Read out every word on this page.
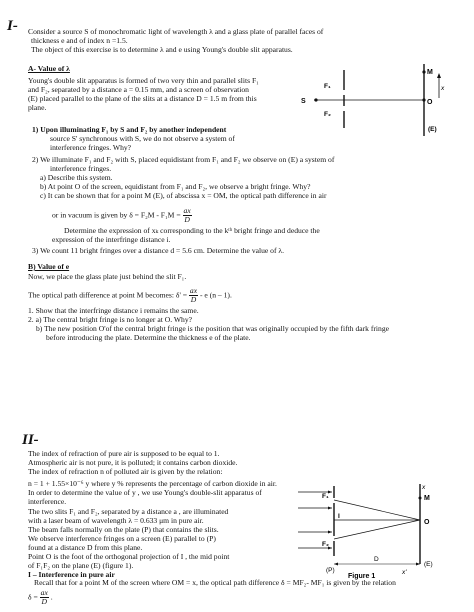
I- Consider a source S of monochromatic light of wavelength λ and a glass plate of parallel faces of

thickness e and of index n =1.5.

The object of this exercise is to determine λ and e using Young's double slit apparatus.

A- Value of λ

Young's double slit apparatus is formed of two very thin and parallel slits F₁

and F₂, separated by a distance a = 0.15 mm, and a screen of observation

(E) placed parallel to the plane of the slits at a distance D = 1.5 m from this

plane.

1) Upon illuminating F₁ by S and F₂ by another independent

source S' synchronous with S, we do not observe a system of

interference fringes. Why?

2) We illuminate F₁ and F₂ with S, placed equidistant from F₁ and F₂ we observe on (E) a system of

interference fringes.

a) Describe this system.

b) At point O of the screen, equidistant from F₁ and F₂, we observe a bright fringe. Why?

c) It can be shown that for a point M (E), of abscissa x = OM, the optical path difference in air

or in vacuum is given by $\delta = F_2M - F_1M = \frac{ax}{D}$

Determine the expression of xₖ corresponding to the kᵗʰ bright fringe and deduce the

expression of the interfringe distance i.

3) We count 11 bright fringes over a distance d = 5.6 cm. Determine the value of λ.
B) Value of e
Now, we place the glass plate just behind the slit F₁.
The optical path difference at point M becomes: $\delta' = \frac{ax}{D} - e$ (n – 1).

1. Show that the interfringe distance i remains the same.

2. a) The central bright fringe is no longer at O. Why?

b) The new position O'of the central bright fringe is the position that was originally occupied by the fifth dark fringe

before introducing the plate. Determine the thickness e of the plate.

M
x
F₁
S	O
F₂
(E)
II-

The index of refraction of pure air is supposed to be equal to 1.

Atmospheric air is not pure, it is polluted; it contains carbon dioxide.

The index of refraction n of polluted air is given by the relation:

n = 1 + 1.55×10⁻⁶ y where y % represents the percentage of carbon dioxide in air.

In order to determine the value of y , we use Young's double-slit apparatus of

interference.

The two slits F₁ and F₂, separated by a distance a , are illuminated

with a laser beam of wavelength λ = 0.633 μm in pure air.

The beam falls normally on the plate (P) that contains the slits.

We observe interference fringes on a screen (E) parallel to (P)

found at a distance D from this plane.

Point O is the foot of the orthogonal projection of I , the mid point

of F₁F₂ on the plane (E) (figure 1).

I – Interference in pure air

Recall that for a point M of the screen where OM = x, the optical path difference δ = MF₂- MF₁ is given by the relation
$\delta = \frac{ax}{D}$ .
x
M
F₁
I
O
F₂
D
(P)
(E)
x'
Figure 1
